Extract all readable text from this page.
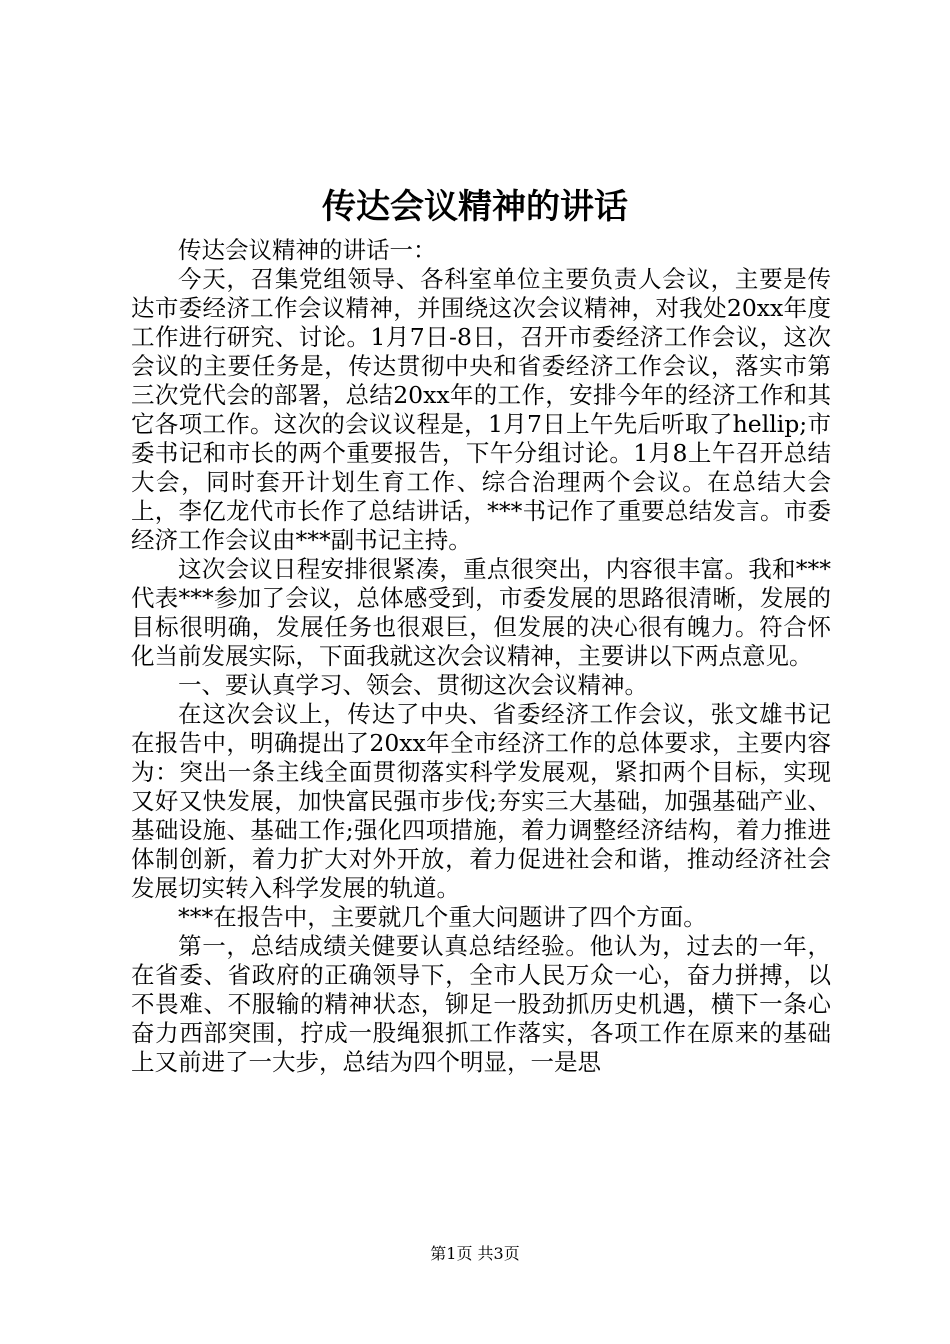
传达会议精神的讲话

传达会议精神的讲话一：

今天，召集党组领导、各科室单位主要负责人会议，主要是传达市委经济工作会议精神，并围绕这次会议精神，对我处20xx年度工作进行研究、讨论。1月7日-8日，召开市委经济工作会议，这次会议的主要任务是，传达贯彻中央和省委经济工作会议，落实市第三次党代会的部署，总结20xx年的工作，安排今年的经济工作和其它各项工作。这次的会议议程是，1月7日上午先后听取了hellip;市委书记和市长的两个重要报告，下午分组讨论。1月8上午召开总结大会，同时套开计划生育工作、综合治理两个会议。在总结大会上，李亿龙代市长作了总结讲话，***书记作了重要总结发言。市委经济工作会议由***副书记主持。

这次会议日程安排很紧凑，重点很突出，内容很丰富。我和***代表***参加了会议，总体感受到，市委发展的思路很清晰，发展的目标很明确，发展任务也很艰巨，但发展的决心很有魄力。符合怀化当前发展实际，下面我就这次会议精神，主要讲以下两点意见。

一、要认真学习、领会、贯彻这次会议精神。

在这次会议上，传达了中央、省委经济工作会议，张文雄书记在报告中，明确提出了20xx年全市经济工作的总体要求，主要内容为：突出一条主线全面贯彻落实科学发展观，紧扣两个目标，实现又好又快发展，加快富民强市步伐;夯实三大基础，加强基础产业、基础设施、基础工作;强化四项措施，着力调整经济结构，着力推进体制创新，着力扩大对外开放，着力促进社会和谐，推动经济社会发展切实转入科学发展的轨道。

***在报告中，主要就几个重大问题讲了四个方面。

第一，总结成绩关健要认真总结经验。他认为，过去的一年，在省委、省政府的正确领导下，全市人民万众一心，奋力拼搏，以不畏难、不服输的精神状态，铆足一股劲抓历史机遇，横下一条心奋力西部突围，拧成一股绳狠抓工作落实，各项工作在原来的基础上又前进了一大步，总结为四个明显，一是思

第1页 共3页
